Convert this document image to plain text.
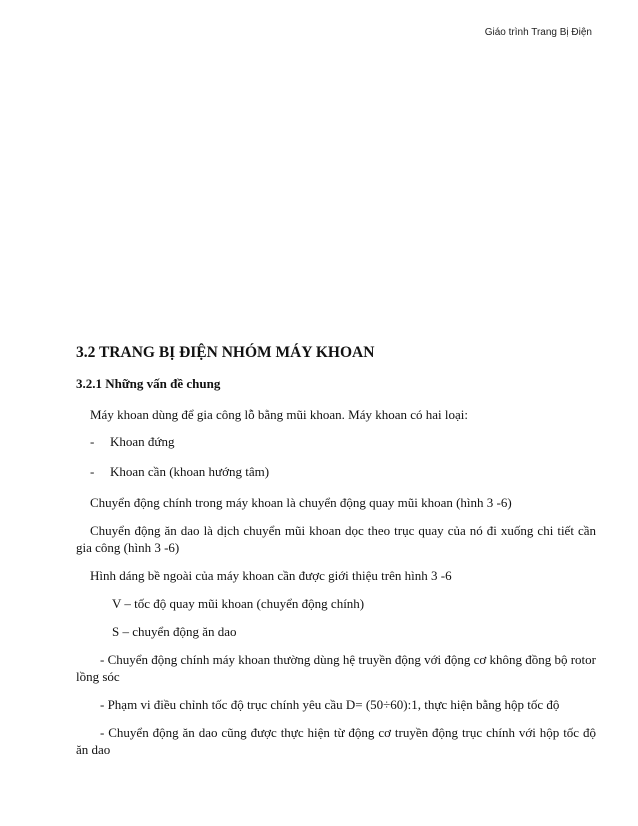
Giáo trình Trang Bị Điện
3.2 TRANG BỊ ĐIỆN NHÓM MÁY KHOAN
3.2.1 Những vấn đề chung
Máy khoan dùng để gia công lỗ bằng mũi khoan. Máy khoan có hai loại:
-	Khoan đứng
-	Khoan cần (khoan hướng tâm)
Chuyển động chính trong máy khoan là chuyển động quay mũi khoan (hình 3 -6)
Chuyển động ăn dao là dịch chuyển mũi khoan dọc theo trục quay của nó đi xuống chi tiết cần gia công (hình 3 -6)
Hình dáng bề ngoài của máy khoan cần được giới thiệu trên hình 3 -6
V – tốc độ quay mũi khoan (chuyển động chính)
S – chuyển động ăn dao
- Chuyển động chính máy khoan thường dùng hệ truyền động với động cơ không đồng bộ rotor lồng sóc
- Phạm vi điều chỉnh tốc độ trục chính yêu cầu D= (50÷60):1, thực hiện bằng hộp tốc độ
- Chuyển động ăn dao cũng được thực hiện từ động cơ truyền động trục chính với hộp tốc độ ăn dao
